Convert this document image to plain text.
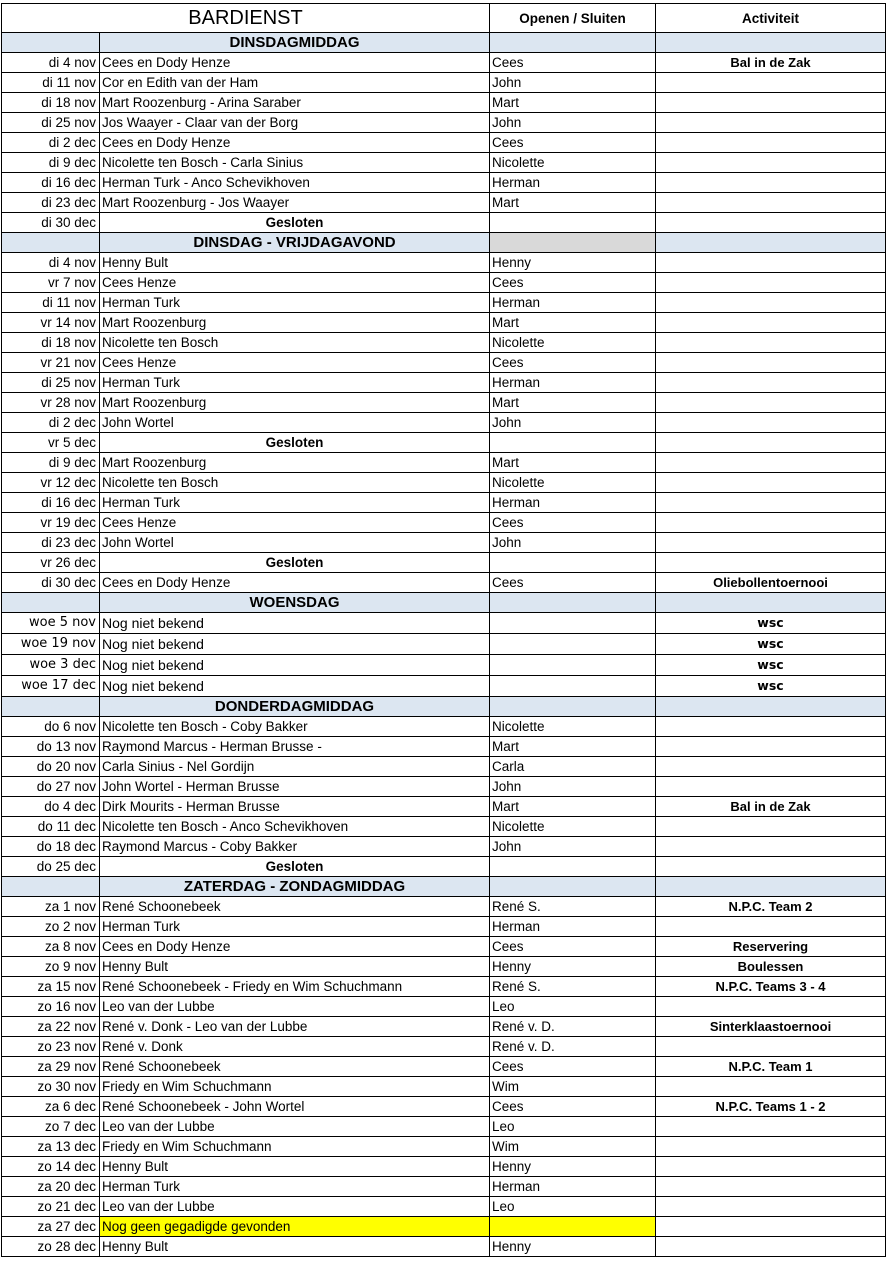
BARDIENST		Openen / Sluiten	Activiteit
	DINSDAGMIDDAG		
di 4 nov	Cees en Dody Henze	Cees	Bal in de Zak
di 11 nov	Cor en Edith van der Ham	John	
di 18 nov	Mart Roozenburg - Arina Saraber	Mart	
di 25 nov	Jos Waayer - Claar van der Borg	John	
di 2 dec	Cees en Dody Henze	Cees	
di 9 dec	Nicolette ten Bosch - Carla Sinius	Nicolette	
di 16 dec	Herman Turk - Anco Schevikhoven	Herman	
di 23 dec	Mart Roozenburg - Jos Waayer	Mart	
di 30 dec	Gesloten		
	DINSDAG - VRIJDAGAVOND		
di 4 nov	Henny Bult	Henny	
vr 7 nov	Cees Henze	Cees	
di 11 nov	Herman Turk	Herman	
vr 14 nov	Mart Roozenburg	Mart	
di 18 nov	Nicolette ten Bosch	Nicolette	
vr 21 nov	Cees Henze	Cees	
di 25 nov	Herman Turk	Herman	
vr 28 nov	Mart Roozenburg	Mart	
di 2 dec	John Wortel	John	
vr 5 dec	Gesloten		
di 9 dec	Mart Roozenburg	Mart	
vr 12 dec	Nicolette ten Bosch	Nicolette	
di 16 dec	Herman Turk	Herman	
vr 19 dec	Cees Henze	Cees	
di 23 dec	John Wortel	John	
vr 26 dec	Gesloten		
di 30 dec	Cees en Dody Henze	Cees	Oliebollentoernooi
	WOENSDAG		
woe 5 nov	Nog niet bekend		wsc
woe 19 nov	Nog niet bekend		wsc
woe 3 dec	Nog niet bekend		wsc
woe 17 dec	Nog niet bekend		wsc
	DONDERDAGMIDDAG		
do 6 nov	Nicolette ten Bosch - Coby Bakker	Nicolette	
do 13 nov	Raymond Marcus - Herman Brusse -	Mart	
do 20 nov	Carla Sinius - Nel Gordijn	Carla	
do 27 nov	John Wortel - Herman Brusse	John	
do 4 dec	Dirk Mourits - Herman Brusse	Mart	Bal in de Zak
do 11 dec	Nicolette ten Bosch - Anco Schevikhoven	Nicolette	
do 18 dec	Raymond Marcus - Coby Bakker	John	
do 25 dec	Gesloten		
	ZATERDAG - ZONDAGMIDDAG		
za 1 nov	René Schoonebeek	René S.	N.P.C. Team 2
zo 2 nov	Herman Turk	Herman	
za 8 nov	Cees en Dody Henze	Cees	Reservering
zo 9 nov	Henny Bult	Henny	Boulessen
za 15 nov	René Schoonebeek - Friedy en Wim Schuchmann	René S.	N.P.C. Teams 3 - 4
zo 16 nov	Leo van der Lubbe	Leo	
za 22 nov	René v. Donk - Leo van der Lubbe	René v. D.	Sinterklaastoernooi
zo 23 nov	René v. Donk	René v. D.	
za 29 nov	René Schoonebeek	Cees	N.P.C. Team 1
zo 30 nov	Friedy en Wim Schuchmann	Wim	
za 6 dec	René Schoonebeek - John Wortel	Cees	N.P.C. Teams 1 - 2
zo 7 dec	Leo van der Lubbe	Leo	
za 13 dec	Friedy en Wim Schuchmann	Wim	
zo 14 dec	Henny Bult	Henny	
za 20 dec	Herman Turk	Herman	
zo 21 dec	Leo van der Lubbe	Leo	
za 27 dec	Nog geen gegadigde gevonden		
zo 28 dec	Henny Bult	Henny	
